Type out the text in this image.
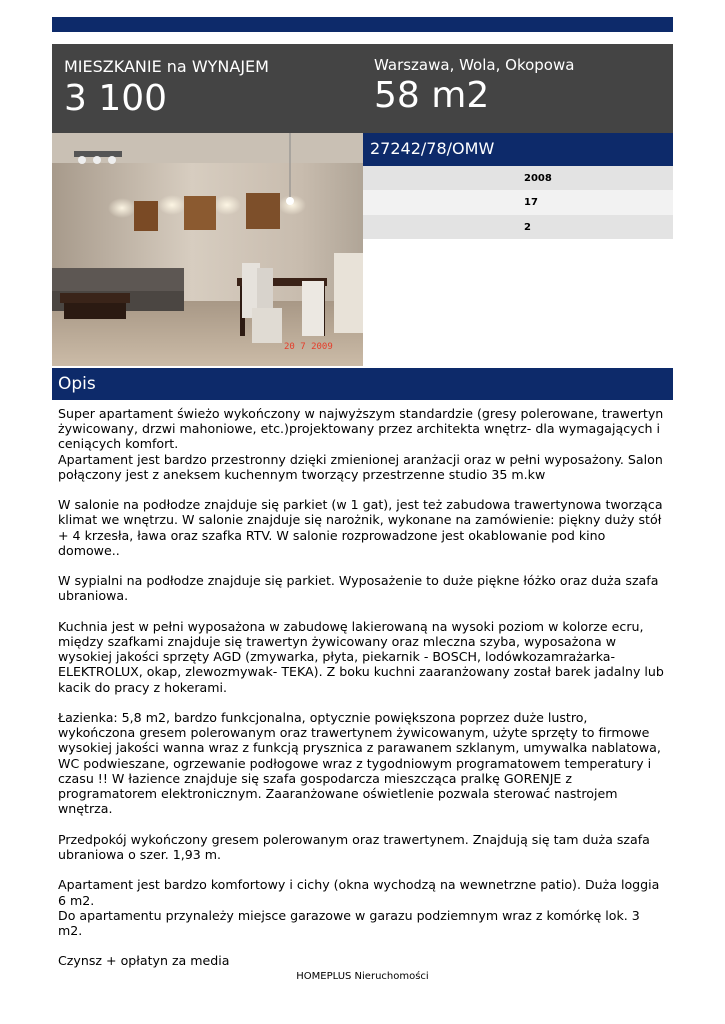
MIESZKANIE na WYNAJEM
3 100
Warszawa, Wola, Okopowa
58 m2
20 7 2009
27242/78/OMW
2008
17
2
Opis
Super apartament świeżo wykończony w najwyższym standardzie (gresy polerowane, trawertyn żywicowany, drzwi mahoniowe, etc.)projektowany przez architekta wnętrz- dla wymagających i ceniących komfort.
Apartament jest bardzo przestronny dzięki zmienionej aranżacji oraz w pełni wyposażony. Salon połączony jest z aneksem kuchennym tworzący przestrzenne studio 35 m.kw

W salonie na podłodze znajduje się parkiet (w 1 gat), jest też zabudowa trawertynowa tworząca klimat we wnętrzu. W salonie znajduje się narożnik, wykonane na zamówienie: piękny duży stół + 4 krzesła, ława oraz szafka RTV. W salonie rozprowadzone jest okablowanie pod kino domowe..

W sypialni na podłodze znajduje się parkiet. Wyposażenie to duże piękne łóżko oraz duża szafa ubraniowa.

Kuchnia jest w pełni wyposażona w zabudowę lakierowaną na wysoki poziom w kolorze ecru, między szafkami znajduje się trawertyn żywicowany oraz mleczna szyba, wyposażona w wysokiej jakości sprzęty AGD (zmywarka, płyta, piekarnik - BOSCH, lodówkozamrażarka- ELEKTROLUX, okap, zlewozmywak- TEKA). Z boku kuchni zaaranżowany został barek jadalny lub kacik do pracy z hokerami.

Łazienka: 5,8 m2, bardzo funkcjonalna, optycznie powiększona poprzez duże lustro, wykończona gresem polerowanym oraz trawertynem żywicowanym, użyte sprzęty to firmowe wysokiej jakości wanna wraz z funkcją prysznica z parawanem szklanym, umywalka nablatowa, WC podwieszane, ogrzewanie podłogowe wraz z tygodniowym programatowem temperatury i czasu !! W łazience znajduje się szafa gospodarcza mieszcząca pralkę GORENJE z programatorem elektronicznym. Zaaranżowane oświetlenie pozwala sterować nastrojem wnętrza.

Przedpokój wykończony gresem polerowanym oraz trawertynem. Znajdują się tam duża szafa ubraniowa o szer. 1,93 m.

Apartament jest bardzo komfortowy i cichy (okna wychodzą na wewnetrzne patio). Duża loggia 6 m2.
Do apartamentu przynależy miejsce garazowe w garazu podziemnym wraz z komórkę lok. 3 m2.

Czynsz + opłatyn za media
HOMEPLUS Nieruchomości
